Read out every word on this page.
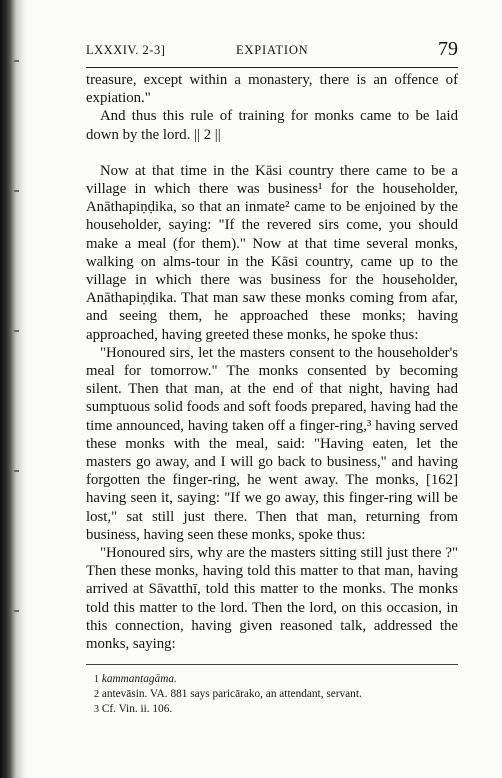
LXXXIV. 2-3]	EXPIATION	79

treasure, except within a monastery, there is an offence of expiation."

And thus this rule of training for monks came to be laid down by the lord. || 2 ||

Now at that time in the Kāsi country there came to be a village in which there was business¹ for the householder, Anāthapiṇḍika, so that an inmate² came to be enjoined by the householder, saying: "If the revered sirs come, you should make a meal (for them)." Now at that time several monks, walking on alms-tour in the Kāsi country, came up to the village in which there was business for the householder, Anāthapiṇḍika. That man saw these monks coming from afar, and seeing them, he approached these monks; having approached, having greeted these monks, he spoke thus:

"Honoured sirs, let the masters consent to the householder's meal for tomorrow." The monks consented by becoming silent. Then that man, at the end of that night, having had sumptuous solid foods and soft foods prepared, having had the time announced, having taken off a finger-ring,³ having served these monks with the meal, said: "Having eaten, let the masters go away, and I will go back to business," and having forgotten the finger-ring, he went away. The monks, [162] having seen it, saying: "If we go away, this finger-ring will be lost," sat still just there. Then that man, returning from business, having seen these monks, spoke thus:

"Honoured sirs, why are the masters sitting still just there ?" Then these monks, having told this matter to that man, having arrived at Sāvatthī, told this matter to the monks. The monks told this matter to the lord. Then the lord, on this occasion, in this connection, having given reasoned talk, addressed the monks, saying:

1 kammantagāma.
2 antevāsin. VA. 881 says paricārako, an attendant, servant.
3 Cf. Vin. ii. 106.
